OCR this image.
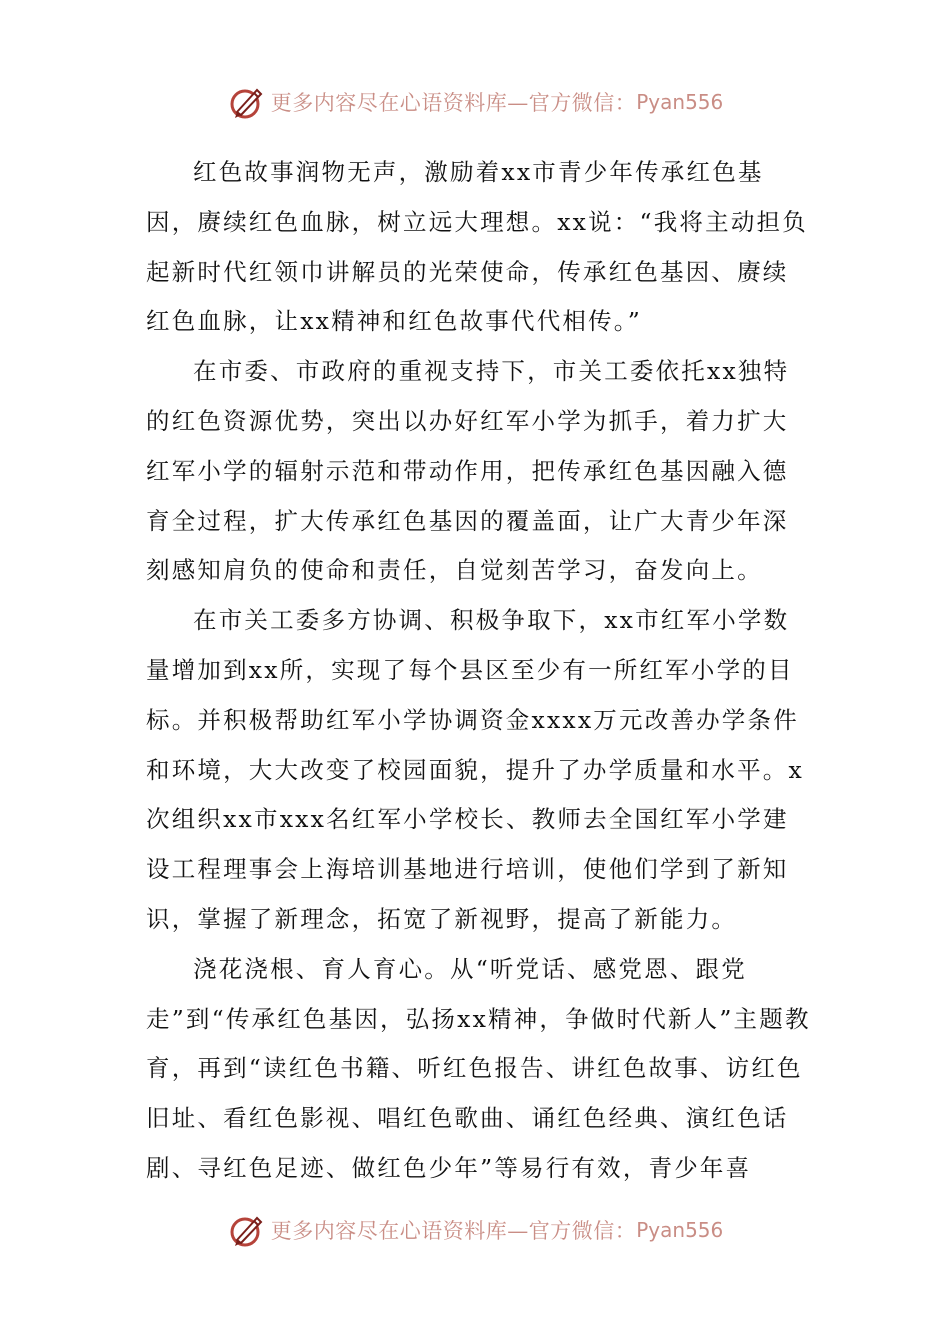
更多内容尽在心语资料库—官方微信： Pyan556

红色故事润物无声，激励着xx市青少年传承红色基因，赓续红色血脉，树立远大理想。xx说：“我将主动担负起新时代红领巾讲解员的光荣使命，传承红色基因、赓续红色血脉，让xx精神和红色故事代代相传。”

在市委、市政府的重视支持下，市关工委依托xx独特的红色资源优势，突出以办好红军小学为抓手，着力扩大红军小学的辐射示范和带动作用，把传承红色基因融入德育全过程，扩大传承红色基因的覆盖面，让广大青少年深刻感知肩负的使命和责任，自觉刻苦学习，奋发向上。

在市关工委多方协调、积极争取下，xx市红军小学数量增加到xx所，实现了每个县区至少有一所红军小学的目标。并积极帮助红军小学协调资金xxxx万元改善办学条件和环境，大大改变了校园面貌，提升了办学质量和水平。x次组织xx市xxx名红军小学校长、教师去全国红军小学建设工程理事会上海培训基地进行培训，使他们学到了新知识，掌握了新理念，拓宽了新视野，提高了新能力。

浇花浇根、育人育心。从“听党话、感党恩、跟党走”到“传承红色基因，弘扬xx精神，争做时代新人”主题教育，再到“读红色书籍、听红色报告、讲红色故事、访红色旧址、看红色影视、唱红色歌曲、诵红色经典、演红色话剧、寻红色足迹、做红色少年”等易行有效，青少年喜

更多内容尽在心语资料库—官方微信： Pyan556
